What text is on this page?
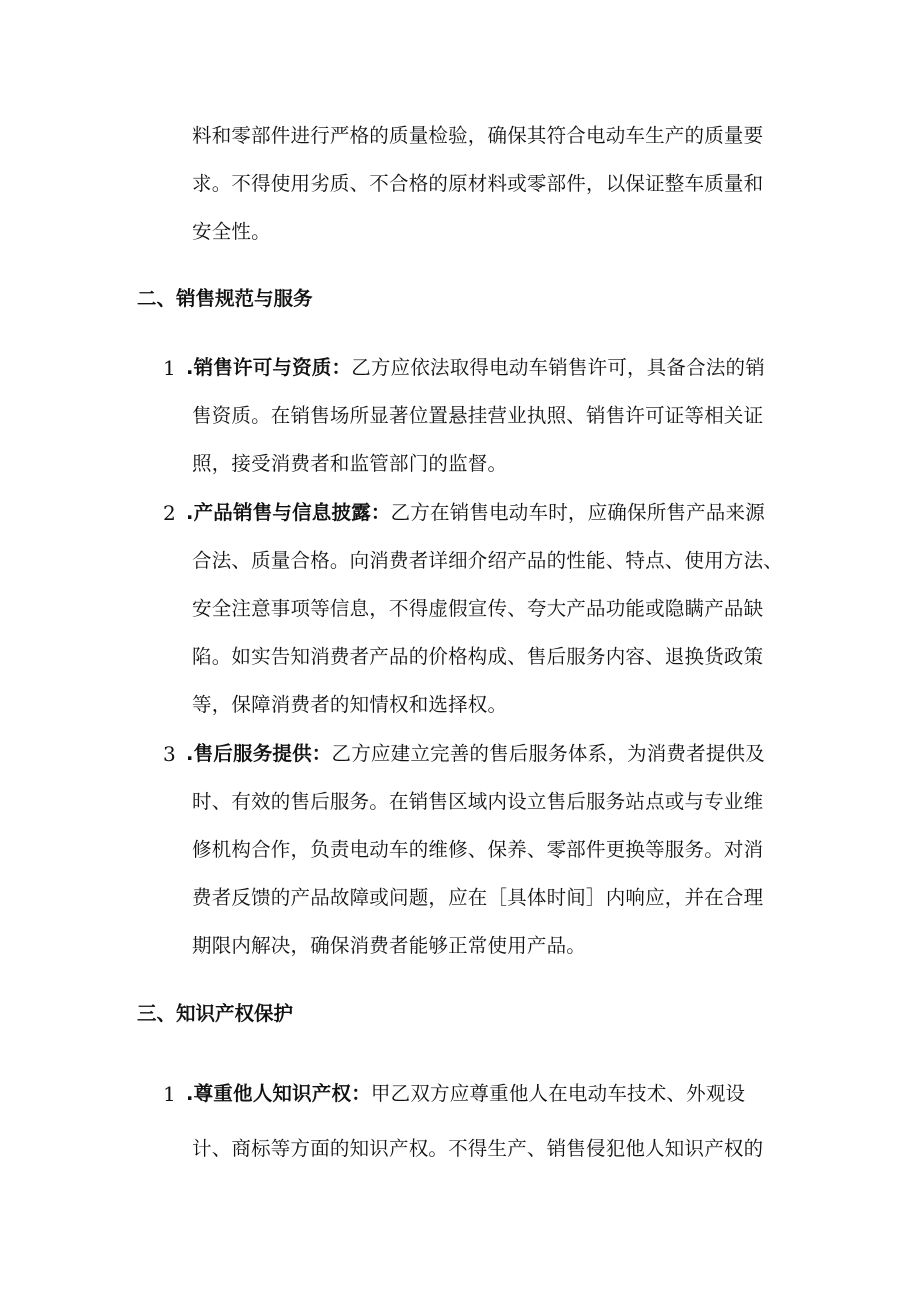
料和零部件进行严格的质量检验，确保其符合电动车生产的质量要
求。不得使用劣质、不合格的原材料或零部件，以保证整车质量和
安全性。
二、销售规范与服务
1 .销售许可与资质：乙方应依法取得电动车销售许可，具备合法的销
售资质。在销售场所显著位置悬挂营业执照、销售许可证等相关证
照，接受消费者和监管部门的监督。
2 .产品销售与信息披露：乙方在销售电动车时，应确保所售产品来源
合法、质量合格。向消费者详细介绍产品的性能、特点、使用方法、
安全注意事项等信息，不得虚假宣传、夸大产品功能或隐瞒产品缺
陷。如实告知消费者产品的价格构成、售后服务内容、退换货政策
等，保障消费者的知情权和选择权。
3 .售后服务提供：乙方应建立完善的售后服务体系，为消费者提供及
时、有效的售后服务。在销售区域内设立售后服务站点或与专业维
修机构合作，负责电动车的维修、保养、零部件更换等服务。对消
费者反馈的产品故障或问题，应在［具体时间］内响应，并在合理
期限内解决，确保消费者能够正常使用产品。
三、知识产权保护
1 .尊重他人知识产权：甲乙双方应尊重他人在电动车技术、外观设
计、商标等方面的知识产权。不得生产、销售侵犯他人知识产权的
